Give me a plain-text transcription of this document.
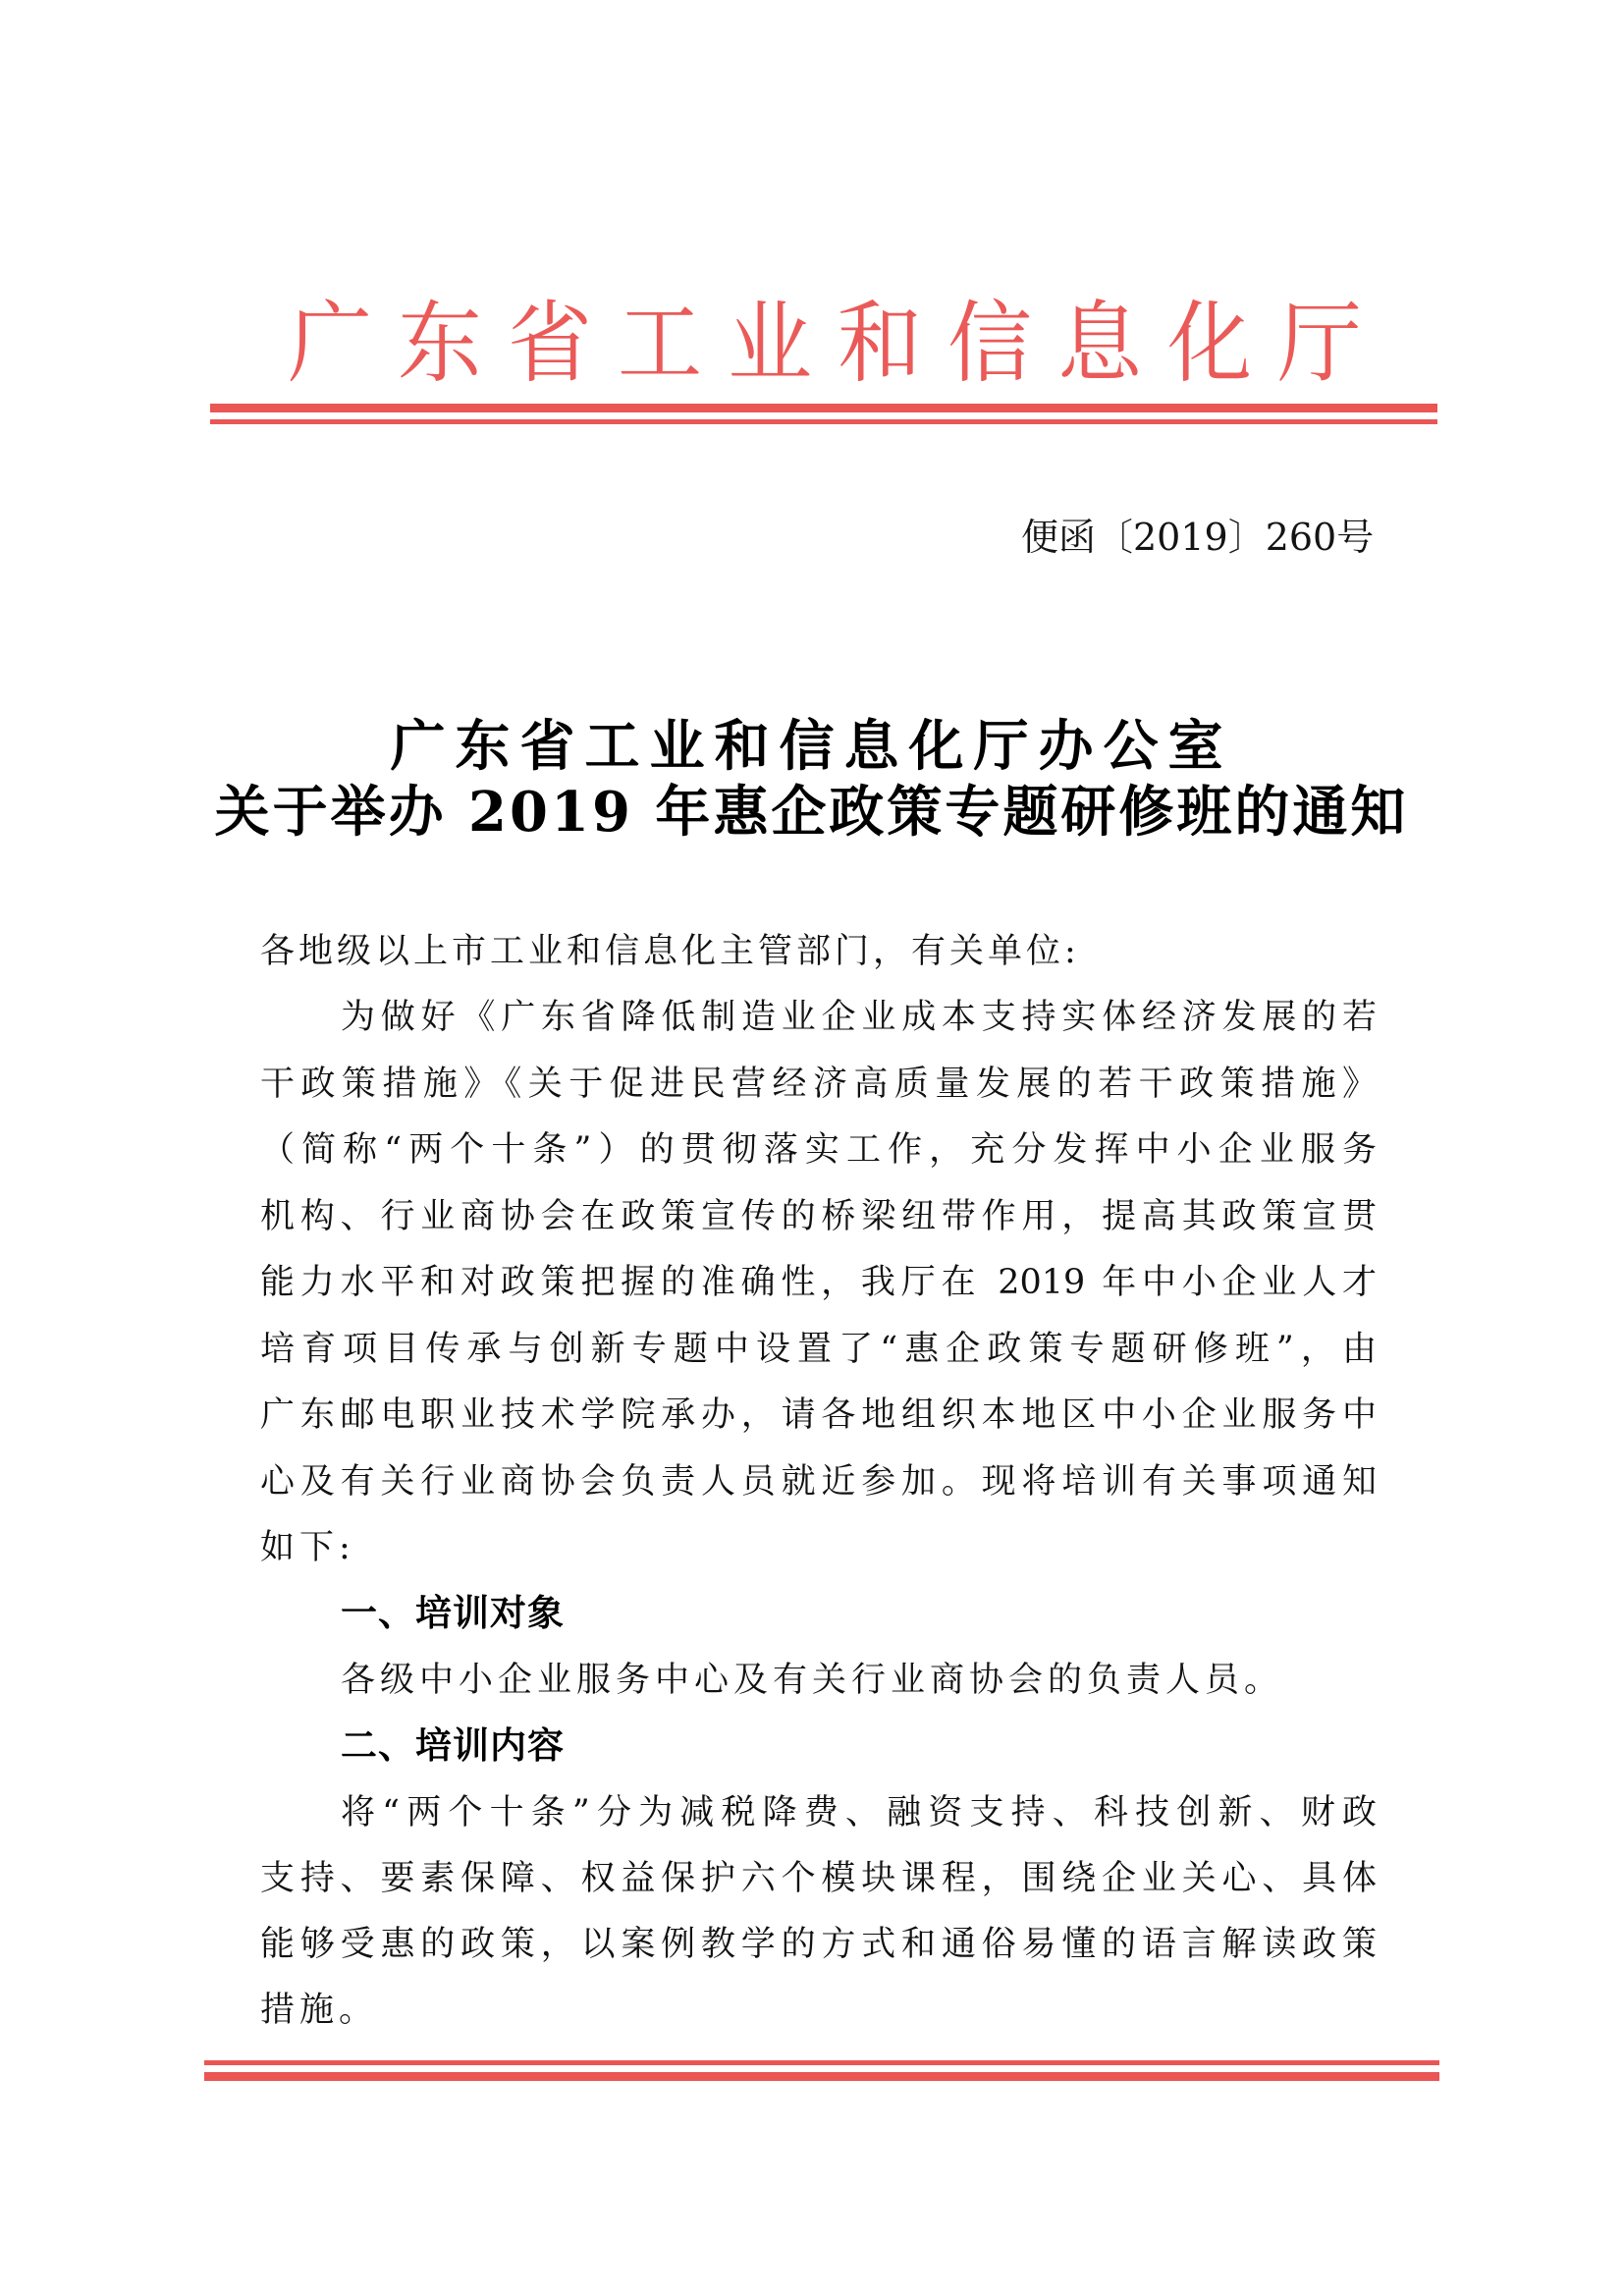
广 东 省 工 业 和 信 息 化 厅
便函〔2019〕260号
广东省工业和信息化厅办公室
关于举办 2019 年惠企政策专题研修班的通知
各地级以上市工业和信息化主管部门，有关单位:
为做好《广东省降低制造业企业成本支持实体经济发展的若
干政策措施》《关于促进民营经济高质量发展的若干政策措施》
（简称“两个十条”）的贯彻落实工作，充分发挥中小企业服务
机构、行业商协会在政策宣传的桥梁纽带作用，提高其政策宣贯
能力水平和对政策把握的准确性，我厅在 2019 年中小企业人才
培育项目传承与创新专题中设置了“惠企政策专题研修班”，由
广东邮电职业技术学院承办，请各地组织本地区中小企业服务中
心及有关行业商协会负责人员就近参加。现将培训有关事项通知
如下:
一、培训对象
各级中小企业服务中心及有关行业商协会的负责人员。
二、培训内容
将“两个十条”分为减税降费、融资支持、科技创新、财政
支持、要素保障、权益保护六个模块课程，围绕企业关心、具体
能够受惠的政策，以案例教学的方式和通俗易懂的语言解读政策
措施。
